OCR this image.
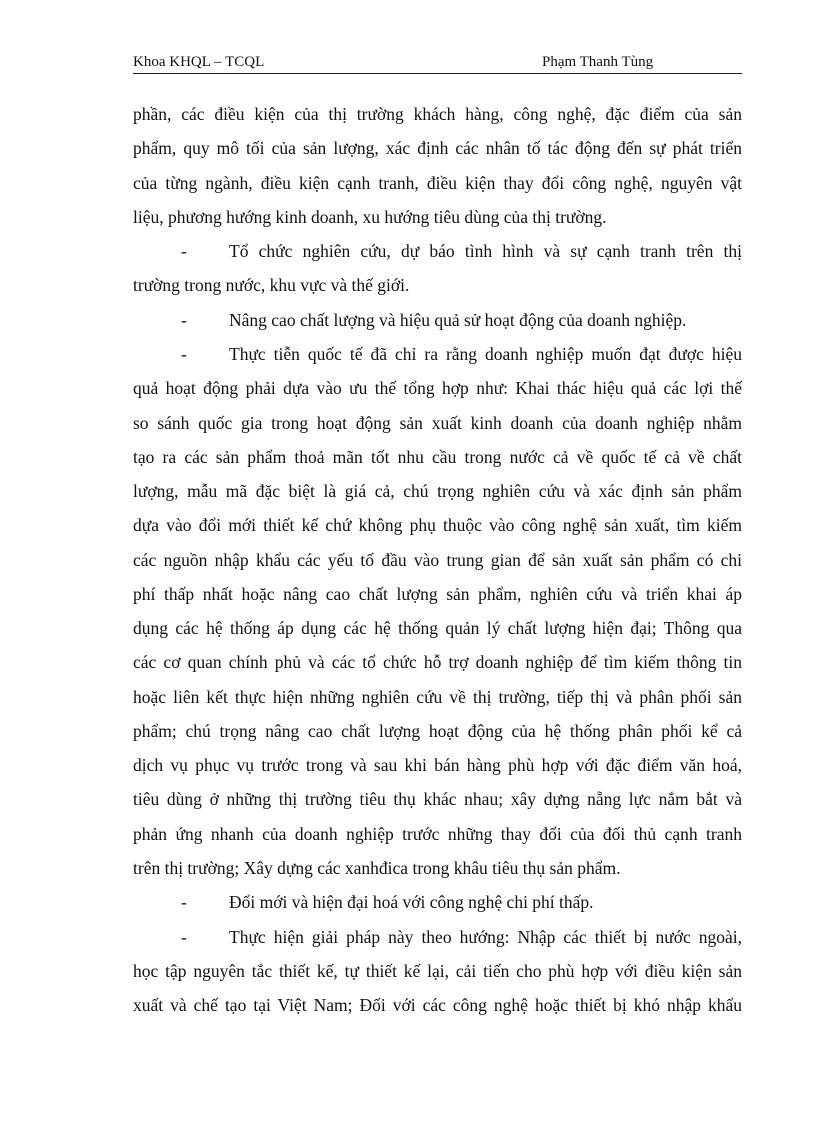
Khoa KHQL – TCQL	Phạm Thanh Tùng
phần, các điều kiện của thị trường khách hàng, công nghệ, đặc điểm của sản
phẩm, quy mô tối của sản lượng, xác định các nhân tố tác động đến sự phát triển
của từng ngành, điều kiện cạnh tranh, điều kiện thay đổi công nghệ, nguyên vật
liệu, phương hướng kinh doanh, xu hướng tiêu dùng của thị trường.
- Tổ chức nghiên cứu, dự báo tình hình và sự cạnh tranh trên thị
trường trong nước, khu vực và thế giới.
- Nâng cao chất lượng và hiệu quả sử hoạt động của doanh nghiệp.
- Thực tiễn quốc tế đã chỉ ra rằng doanh nghiệp muốn đạt được hiệu
quả hoạt động phải dựa vào ưu thế tổng hợp như: Khai thác hiệu quả các lợi thế
so sánh quốc gia trong hoạt động sản xuất kinh doanh của doanh nghiệp nhằm
tạo ra các sản phẩm thoả mãn tốt nhu cầu trong nước cả về quốc tế cả về chất
lượng, mẫu mã đặc biệt là giá cả, chú trọng nghiên cứu và xác định sản phẩm
dựa vào đổi mới thiết kế chứ không phụ thuộc vào công nghệ sản xuất, tìm kiếm
các nguồn nhập khẩu các yếu tố đầu vào trung gian để sản xuất sản phẩm có chi
phí thấp nhất hoặc nâng cao chất lượng sản phẩm, nghiên cứu và triển khai áp
dụng các hệ thống áp dụng các hệ thống quản lý chất lượng hiện đại; Thông qua
các cơ quan chính phủ và các tổ chức hỗ trợ doanh nghiệp để tìm kiếm thông tin
hoặc liên kết thực hiện những nghiên cứu về thị trường, tiếp thị và phân phối sản
phẩm; chú trọng nâng cao chất lượng hoạt động của hệ thống phân phối kể cả
dịch vụ phục vụ trước trong và sau khi bán hàng phù hợp với đặc điểm văn hoá,
tiêu dùng ở những thị trường tiêu thụ khác nhau; xây dựng nẵng lực nắm bắt và
phản ứng nhanh của doanh nghiệp trước những thay đổi của đối thủ cạnh tranh
trên thị trường; Xây dựng các xanhđica trong khâu tiêu thụ sản phẩm.
- Đổi mới và hiện đại hoá với công nghệ chi phí thấp.
- Thực hiện giải pháp này theo hướng: Nhập các thiết bị nước ngoài,
học tập nguyên tắc thiết kế, tự thiết kế lại, cải tiến cho phù hợp với điều kiện sản
xuất và chế tạo tại Việt Nam; Đối với các công nghệ hoặc thiết bị khó nhập khẩu
